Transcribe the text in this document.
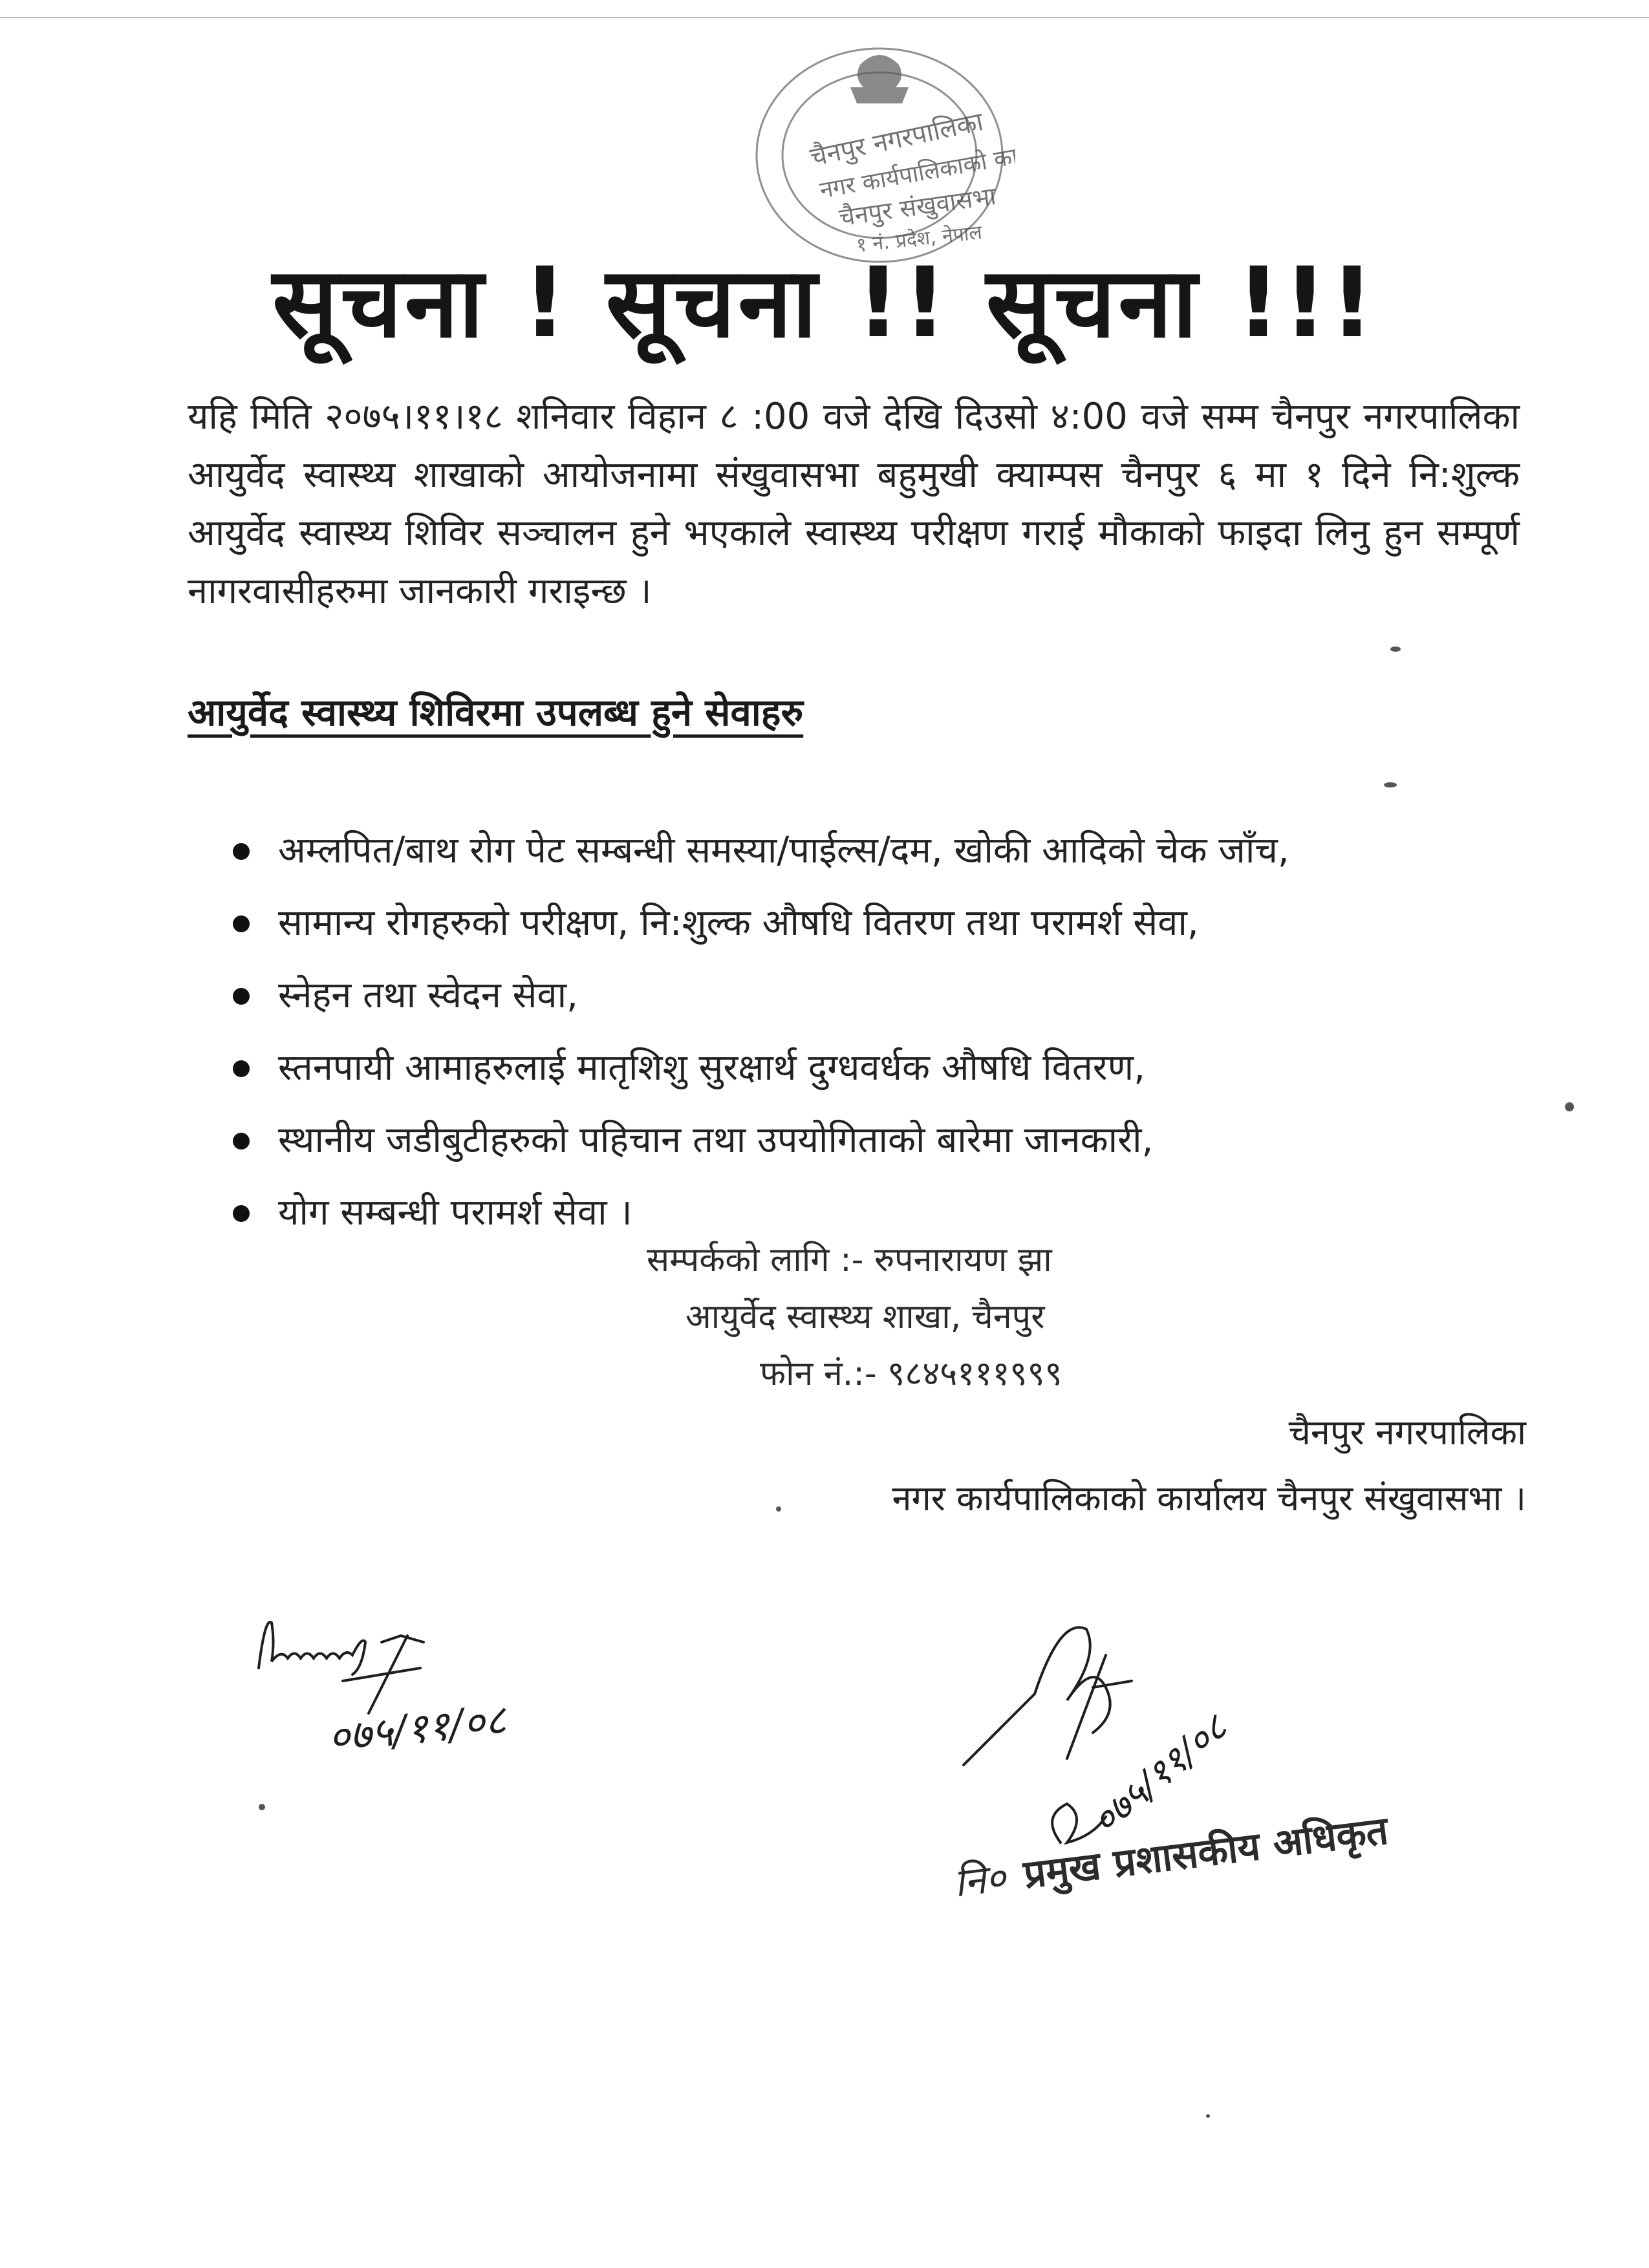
चैनपुर नगरपालिका
नगर कार्यपालिकाको कार्यालय
चैनपुर संखुवासभा
१ नं. प्रदेश, नेपाल
सूचना ! सूचना !! सूचना !!!
यहि मिति २०७५।११।१८ शनिवार विहान ८ :00 वजे देखि दिउसो ४:00 वजे सम्म चैनपुर नगरपालिका आयुर्वेद स्वास्थ्य शाखाको आयोजनामा संखुवासभा बहुमुखी क्याम्पस चैनपुर ६ मा १ दिने नि:शुल्क आयुर्वेद स्वास्थ्य शिविर सञ्चालन हुने भएकाले स्वास्थ्य परीक्षण गराई मौकाको फाइदा लिनु हुन सम्पूर्ण नागरवासीहरुमा जानकारी गराइन्छ ।
आयुर्वेद स्वास्थ्य शिविरमा उपलब्ध हुने सेवाहरु
अम्लपित/बाथ रोग पेट सम्बन्धी समस्या/पाईल्स/दम, खोकी आदिको चेक जाँच,
सामान्य रोगहरुको परीक्षण, नि:शुल्क औषधि वितरण तथा परामर्श सेवा,
स्नेहन तथा स्वेदन सेवा,
स्तनपायी आमाहरुलाई मातृशिशु सुरक्षार्थ दुग्धवर्धक औषधि वितरण,
स्थानीय जडीबुटीहरुको पहिचान तथा उपयोगिताको बारेमा जानकारी,
योग सम्बन्धी परामर्श सेवा ।
सम्पर्कको लागि :- रुपनारायण झा
आयुर्वेद स्वास्थ्य शाखा, चैनपुर
फोन नं.:- ९८४५१११९९९
चैनपुर नगरपालिका
नगर कार्यपालिकाको कार्यालय चैनपुर संखुवासभा ।
०७५/११/०८	०७५/११/०८
नि० प्रमुख प्रशासकीय अधिकृत
